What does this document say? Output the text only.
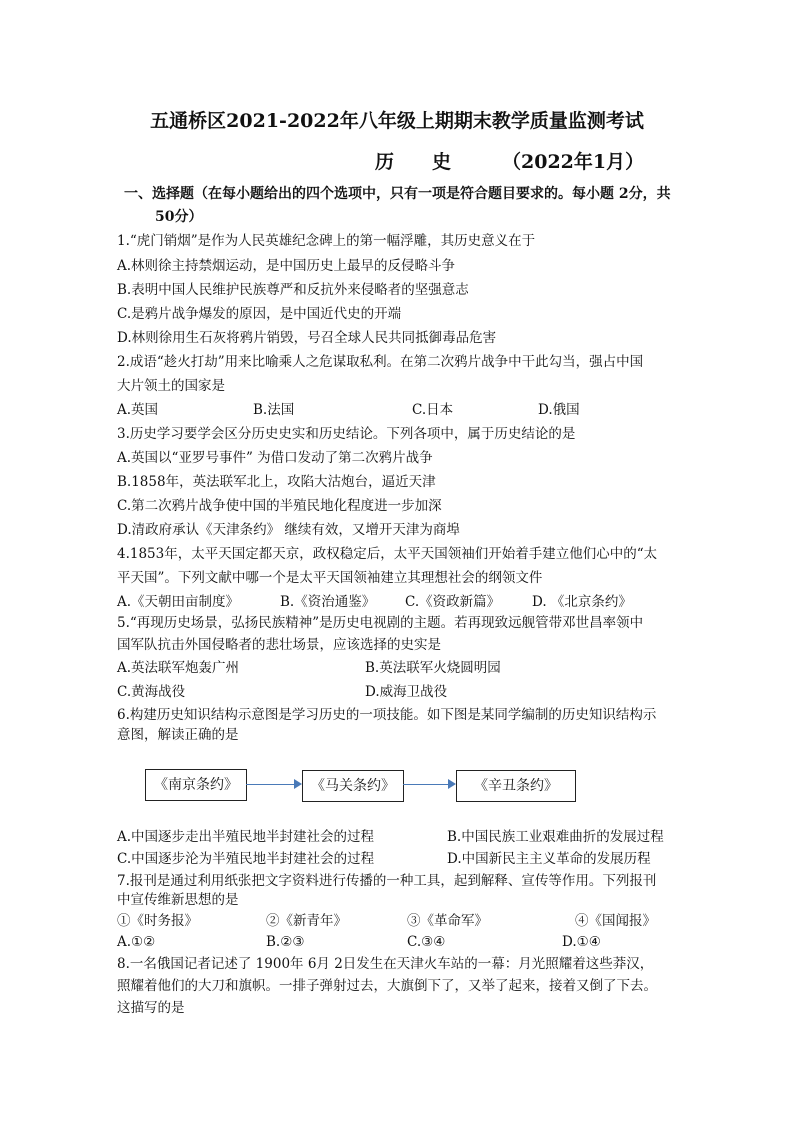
五通桥区2021-2022年八年级上期期末教学质量监测考试
历　　史	（2022年1月）
一、选择题（在每小题给出的四个选项中，只有一项是符合题目要求的。每小题 2分，共
50分）
1.“虎门销烟”是作为人民英雄纪念碑上的第一幅浮雕，其历史意义在于
A.林则徐主持禁烟运动，是中国历史上最早的反侵略斗争
B.表明中国人民维护民族尊严和反抗外来侵略者的坚强意志
C.是鸦片战争爆发的原因，是中国近代史的开端
D.林则徐用生石灰将鸦片销毁，号召全球人民共同抵御毒品危害
2.成语“趁火打劫”用来比喻乘人之危谋取私利。在第二次鸦片战争中干此勾当，强占中国
大片领土的国家是
A.英国	B.法国	C.日本	D.俄国
3.历史学习要学会区分历史史实和历史结论。下列各项中，属于历史结论的是
A.英国以“亚罗号事件” 为借口发动了第二次鸦片战争
B.1858年，英法联军北上，攻陷大沽炮台，逼近天津
C.第二次鸦片战争使中国的半殖民地化程度进一步加深
D.清政府承认《天津条约》 继续有效，又增开天津为商埠
4.1853年，太平天国定都天京，政权稳定后，太平天国领袖们开始着手建立他们心中的“太
平天国”。下列文献中哪一个是太平天国领袖建立其理想社会的纲领文件
A.《天朝田亩制度》	B.《资治通鉴》 C.《资政新篇》 D. 《北京条约》
5.“再现历史场景，弘扬民族精神”是历史电视剧的主题。若再现致远舰管带邓世昌率领中
国军队抗击外国侵略者的悲壮场景，应该选择的史实是
A.英法联军炮轰广州	B.英法联军火烧圆明园
C.黄海战役	D.威海卫战役
6.构建历史知识结构示意图是学习历史的一项技能。如下图是某同学编制的历史知识结构示
意图，解读正确的是
《南京条约》	《马关条约》	《辛丑条约》
A.中国逐步走出半殖民地半封建社会的过程	B.中国民族工业艰难曲折的发展过程
C.中国逐步沦为半殖民地半封建社会的过程	D.中国新民主主义革命的发展历程
7.报刊是通过利用纸张把文字资料进行传播的一种工具，起到解释、宣传等作用。下列报刊
中宣传维新思想的是
①《时务报》	②《新青年》	③《革命军》	④《国闻报》
A.①②	B.②③	C.③④	D.①④
8.一名俄国记者记述了 1900年 6月 2日发生在天津火车站的一幕：月光照耀着这些莽汉，
照耀着他们的大刀和旗帜。一排子弹射过去，大旗倒下了，又举了起来，接着又倒了下去。
这描写的是
